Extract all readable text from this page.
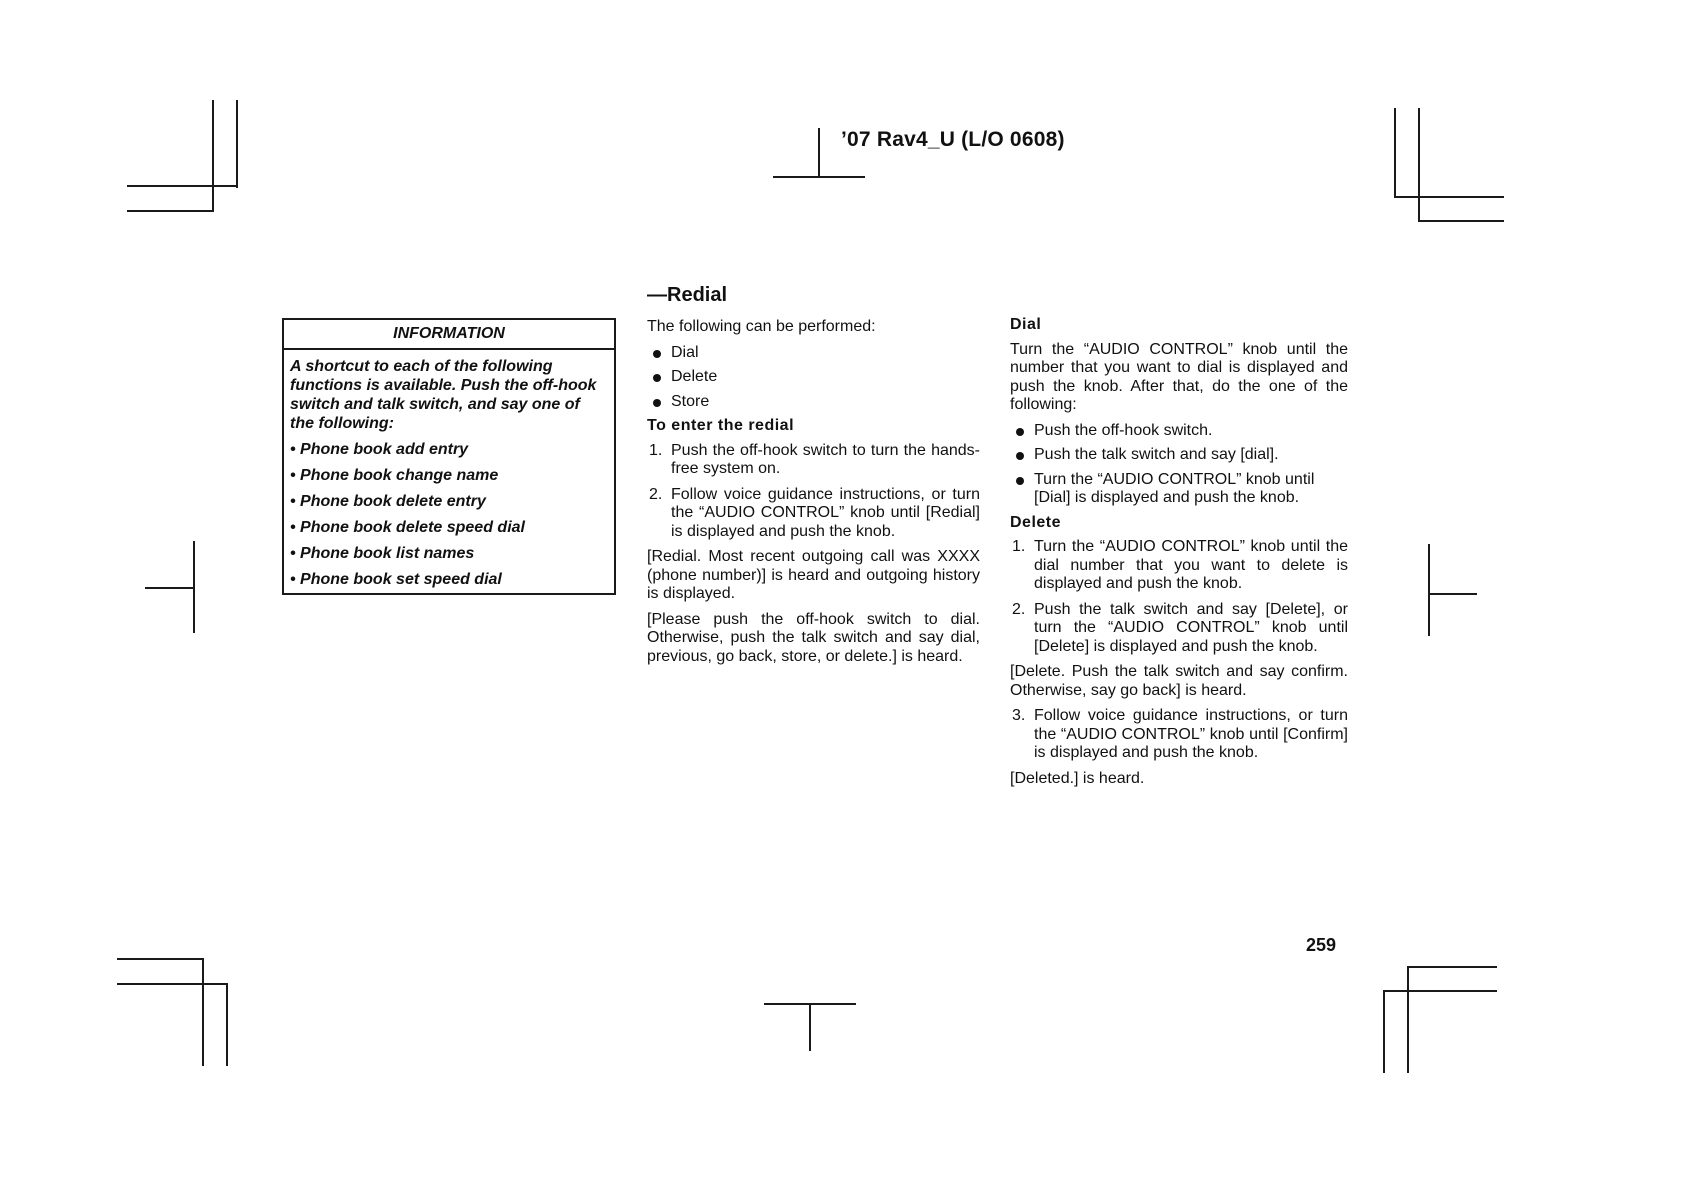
’07 Rav4_U (L/O 0608)
INFORMATION

A shortcut to each of the following functions is available. Push the off-hook switch and talk switch, and say one of the following:

• Phone book add entry
• Phone book change name
• Phone book delete entry
• Phone book delete speed dial
• Phone book list names
• Phone book set speed dial
—Redial

The following can be performed:

Dial
Delete
Store
To enter the redial
1. Push the off-hook switch to turn the hands-free system on.
2. Follow voice guidance instructions, or turn the “AUDIO CONTROL” knob until [Redial] is displayed and push the knob.

[Redial. Most recent outgoing call was XXXX (phone number)] is heard and outgoing history is displayed.

[Please push the off-hook switch to dial. Otherwise, push the talk switch and say dial, previous, go back, store, or delete.] is heard.

Dial

Turn the “AUDIO CONTROL” knob until the number that you want to dial is displayed and push the knob. After that, do the one of the following:

Push the off-hook switch.
Push the talk switch and say [dial].
Turn the “AUDIO CONTROL” knob until [Dial] is displayed and push the knob.
Delete
1. Turn the “AUDIO CONTROL” knob until the dial number that you want to delete is displayed and push the knob.
2. Push the talk switch and say [Delete], or turn the “AUDIO CONTROL” knob until [Delete] is displayed and push the knob.

[Delete. Push the talk switch and say confirm. Otherwise, say go back] is heard.

3. Follow voice guidance instructions, or turn the “AUDIO CONTROL” knob until [Confirm] is displayed and push the knob.

[Deleted.] is heard.

259
